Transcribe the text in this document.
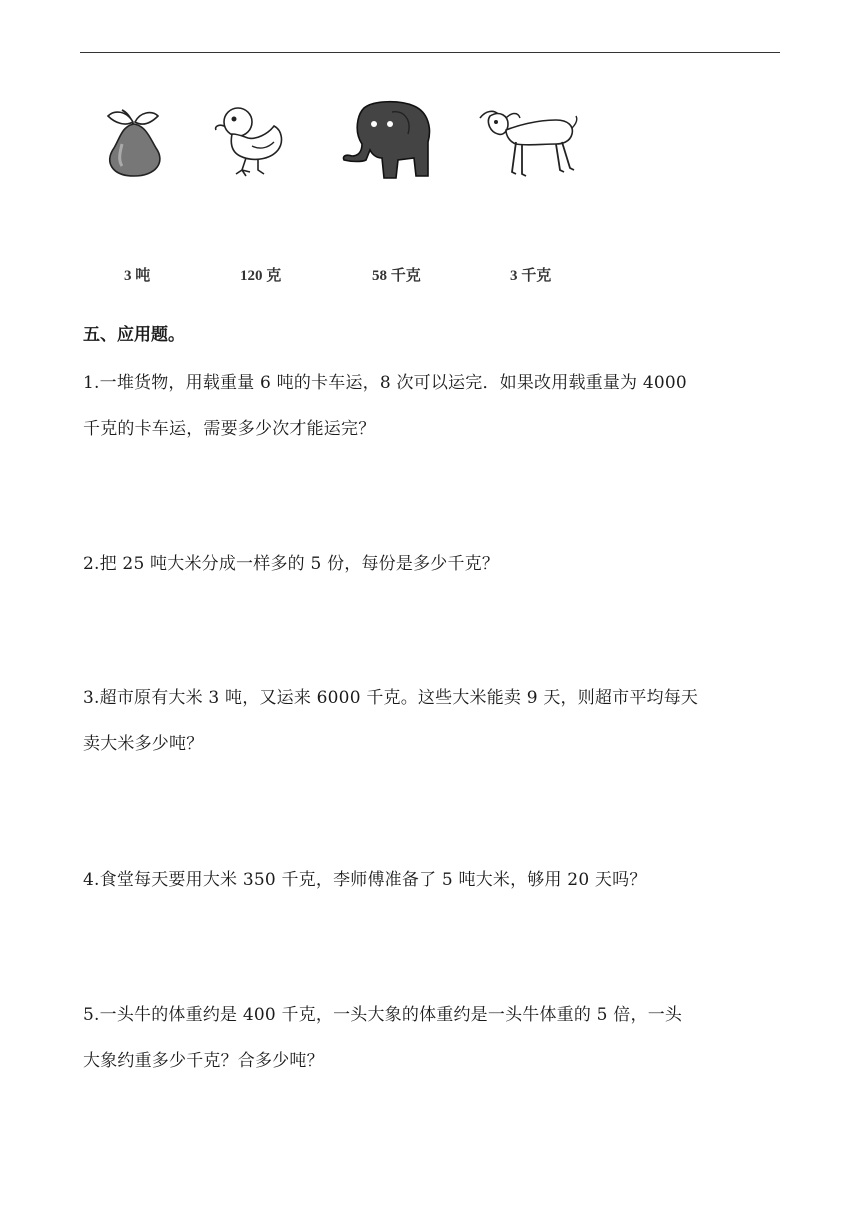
3 吨	120 克	58 千克	3 千克
五、应用题。
1.一堆货物，用载重量 6 吨的卡车运，8 次可以运完．如果改用载重量为 4000
千克的卡车运，需要多少次才能运完？
2.把 25 吨大米分成一样多的 5 份，每份是多少千克？
3.超市原有大米 3 吨，又运来 6000 千克。这些大米能卖 9 天，则超市平均每天
卖大米多少吨？
4.食堂每天要用大米 350 千克，李师傅准备了 5 吨大米，够用 20 天吗？
5.一头牛的体重约是 400 千克，一头大象的体重约是一头牛体重的 5 倍，一头
大象约重多少千克？合多少吨？
